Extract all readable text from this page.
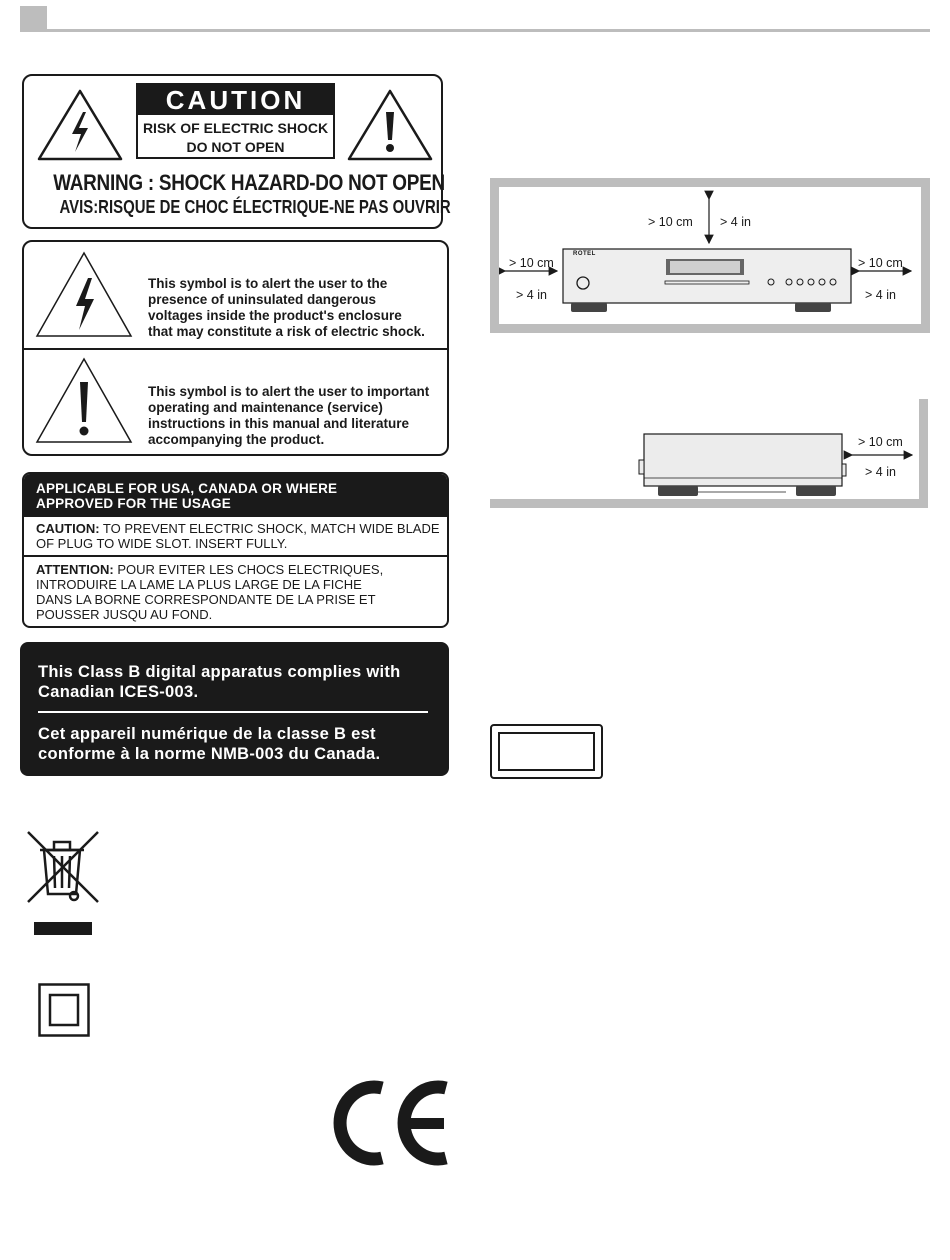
CAUTION
RISK OF ELECTRIC SHOCK
DO NOT OPEN
WARNING : SHOCK HAZARD-DO NOT OPEN
AVIS:RISQUE DE CHOC ÉLECTRIQUE-NE PAS OUVRIR
This symbol is to alert the user to the
presence of uninsulated dangerous
voltages inside the product's enclosure
that may constitute a risk of electric shock.
This symbol is to alert the user to important
operating and maintenance (service)
instructions in this manual and literature
accompanying the product.
APPLICABLE FOR USA, CANADA OR WHERE
APPROVED FOR THE USAGE
CAUTION: TO PREVENT ELECTRIC SHOCK, MATCH WIDE BLADE
OF PLUG TO WIDE SLOT. INSERT FULLY.
ATTENTION: POUR EVITER LES CHOCS ELECTRIQUES,
INTRODUIRE LA LAME LA PLUS LARGE DE LA FICHE
DANS LA BORNE CORRESPONDANTE DE LA PRISE ET
POUSSER JUSQU AU FOND.
This Class B digital apparatus complies with
Canadian ICES-003.
Cet appareil numérique de la classe B est
conforme à la norme NMB-003 du Canada.
ROTEL
> 10 cm > 4 in
> 10 cm
> 4 in
> 10 cm
> 4 in
> 10 cm
> 4 in
